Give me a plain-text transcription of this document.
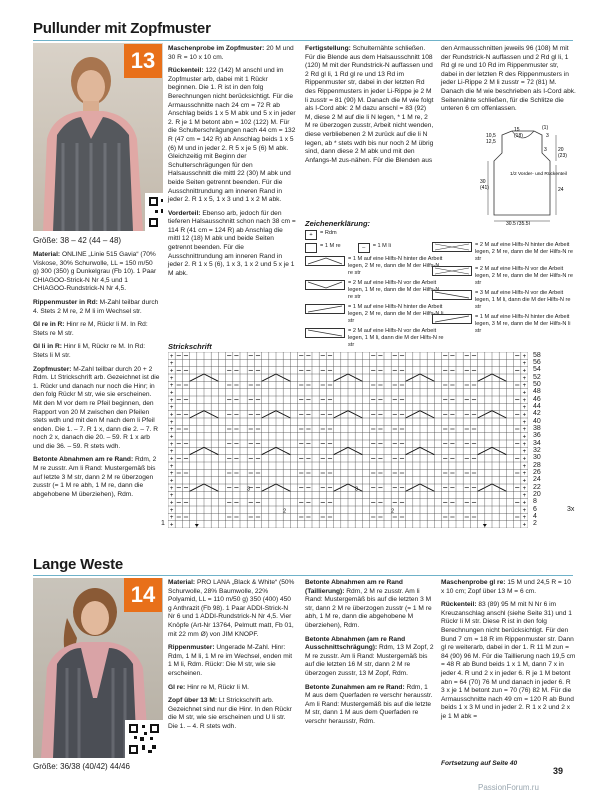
Pullunder mit Zopfmuster
13
Größe: 38 – 42 (44 – 48)

Material: ONLINE „Linie 515 Gavia“ (70% Viskose, 30% Schurwolle, LL = 150 m/50 g) 300 (350) g Dunkelgrau (Fb 10). 1 Paar CHIAGOO-Strick-N Nr 4,5 und 1 CHIAGOO-Rundstrick-N Nr 4,5.

Rippenmuster in Rd: M-Zahl teilbar durch 4. Stets 2 M re, 2 M li im Wechsel str.

Gl re in R: Hinr re M, Rückr li M. In Rd: Stets re M str.

Gl li in R: Hinr li M, Rückr re M. In Rd: Stets li M str.

Zopfmuster: M-Zahl teilbar durch 20 + 2 Rdm. Lt Strickschrift arb. Gezeichnet ist die 1. Rückr und danach nur noch die Hinr; in den folg Rückr M str, wie sie erscheinen. Mit den M vor dem re Pfeil beginnen, den Rapport von 20 M zwischen den Pfeilen stets wdh und mit den M nach dem li Pfeil enden. Die 1. – 7. R 1 x, dann die 2. – 7. R noch 2 x, danach die 20. – 59. R 1 x arb und die 36. – 59. R stets wdh.

Betonte Abnahmen am re Rand: Rdm, 2 M re zusstr. Am li Rand: Mustergemäß bis auf letzte 3 M str, dann 2 M re überzogen zusstr (= 1 M re abh, 1 M re, dann die abgehobene M überziehen), Rdm.

Maschenprobe im Zopfmuster: 20 M und 30 R = 10 x 10 cm.

Rückenteil: 122 (142) M anschl und im Zopfmuster arb, dabei mit 1 Rückr beginnen. Die 1. R ist in den folg Berechnungen nicht berücksichtigt. Für die Armausschnitte nach 24 cm = 72 R ab Anschlag beids 1 x 5 M abk und 5 x in jeder 2. R je 1 M betont abn = 102 (122) M. Für die Schulterschrägungen nach 44 cm = 132 R (47 cm = 142 R) ab Anschlag beids 1 x 5 (6) M und in jeder 2. R 5 x je 5 (6) M abk. Gleichzeitig mit Beginn der Schulterschrägungen für den Halsausschnitt die mittl 22 (30) M abk und beide Seiten getrennt beenden. Für die Ausschnittrundung am inneren Rand in jeder 2. R 1 x 5, 1 x 3 und 1 x 2 M abk.

Vorderteil: Ebenso arb, jedoch für den tieferen Halsausschnitt schon nach 38 cm = 114 R (41 cm = 124 R) ab Anschlag die mittl 12 (18) M abk und beide Seiten getrennt beenden. Für die Ausschnittrundung am inneren Rand in jeder 2. R 1 x 5 (6), 1 x 3, 1 x 2 und 5 x je 1 M abk.

Fertigstellung: Schulternähte schließen. Für die Blende aus dem Halsausschnitt 108 (120) M mit der Rundstrick-N auffassen und 2 Rd gl li, 1 Rd gl re und 13 Rd im Rippenmuster str, dabei in der letzten Rd des Rippenmusters in jeder Li-Rippe je 2 M li zusstr = 81 (90) M. Danach die M wie folgt als I-Cord abk: 2 M dazu anschl = 83 (92) M, diese 2 M auf die li N legen, * 1 M re, 2 M re überzogen zusstr, Arbeit nicht wenden, diese verbliebenen 2 M zurück auf die li N legen, ab * stets wdh bis nur noch 2 M übrig sind, dann diese 2 M abk und mit den Anfangs-M zus-nähen. Für die Blenden aus

den Armausschnitten jeweils 96 (108) M mit der Rundstrick-N auffassen und 2 Rd gl li, 1 Rd gl re und 10 Rd im Rippenmuster str, dabei in der letzten R des Rippenmusters in jeder Li-Rippe 2 M li zusstr = 72 (81) M. Danach die M wie beschrieben als I-Cord abk. Seitennähte schließen, für die Schlitze die unteren 6 cm offenlassen.

10,5
12,5
15
(18)
(1)
3
20
(23)
1/2 Vorder- und Rückenteil
24
30
(41)
30,5 (35,5)
3
Zeichenerklärung:
+	= Rdm
= 1 M re	–	= 1 M li
= 1 M auf eine Hilfs-N hinter die Arbeit legen, 2 M re, dann die M der Hilfs-N re str
= 2 M auf eine Hilfs-N vor die Arbeit legen, 1 M re, dann die M der Hilfs-N re str
= 1 M auf eine Hilfs-N hinter die Arbeit legen, 2 M re, dann die M der Hilfs-N li str
= 2 M auf eine Hilfs-N vor die Arbeit legen, 1 M li, dann die M der Hilfs-N re str
= 2 M auf eine Hilfs-N hinter die Arbeit legen, 2 M re, dann die M der Hilfs-N re str
= 2 M auf eine Hilfs-N vor die Arbeit legen, 2 M re, dann die M der Hilfs-N re str
= 3 M auf eine Hilfs-N vor die Arbeit legen, 1 M li, dann die M der Hilfs-N re str
= 1 M auf eine Hilfs-N hinter die Arbeit legen, 3 M re, dann die M der Hilfs-N li str
Strickschrift
+	+
+	+
+	+
+	+
+	+
+	+
+	+
+	+
+	+
+	+
+	+
+	+
+	+
+	+
+	+
+	+
+	+
+	+
+	+
+	+
+	+
+	+
+	+
+	+
3
2
3
2
58
56
54
52
50
48
46
44
42
40
38
36
34
32
30
28
26
24
22
20
8
6
4
2
1
3x
Lange Weste
14
Größe: 36/38 (40/42) 44/46

Material: PRO LANA „Black & White“ (50% Schurwolle, 28% Baumwolle, 22% Polyamid, LL = 110 m/50 g) 350 (400) 450 g Anthrazit (Fb 98). 1 Paar ADDI-Strick-N Nr 6 und 1 ADDI-Rundstrick-N Nr 4,5. Vier Knöpfe (Art-Nr 13764, Pelmutt matt, Fb 01, mit 22 mm Ø) von JIM KNOPF.

Rippenmuster: Ungerade M-Zahl. Hinr: Rdm, 1 M li, 1 M re im Wechsel, enden mit 1 M li, Rdm. Rückr: Die M str, wie sie erscheinen.

Gl re: Hinr re M, Rückr li M.

Zopf über 13 M: Lt Strickschrift arb. Gezeichnet sind nur die Hinr. In den Rückr die M str, wie sie erscheinen und U li str. Die 1. – 4. R stets wdh.

Betonte Abnahmen am re Rand (Taillierung): Rdm, 2 M re zusstr. Am li Rand: Mustergemäß bis auf die letzten 3 M str, dann 2 M re überzogen zusstr (= 1 M re abh, 1 M re, dann die abgehobene M überziehen), Rdm.

Betonte Abnahmen (am re Rand Ausschnittschrägung): Rdm, 13 M Zopf, 2 M re zusstr. Am li Rand: Mustergemäß bis auf die letzten 16 M str, dann 2 M re überzogen zusstr, 13 M Zopf, Rdm.

Betonte Zunahmen am re Rand: Rdm, 1 M aus dem Querfaden re verschr herausstr. Am li Rand: Mustergemäß bis auf die letzte M str, dann 1 M aus dem Querfaden re verschr herausstr, Rdm.

Maschenprobe gl re: 15 M und 24,5 R = 10 x 10 cm; Zopf über 13 M = 6 cm.

Rückenteil: 83 (89) 95 M mit N Nr 6 im Kreuzanschlag anschl (siehe Seite 31) und 1 Rückr li M str. Diese R ist in den folg Berechnungen nicht berücksichtigt. Für den Bund 7 cm = 18 R im Rippenmuster str. Dann gl re weiterarb, dabei in der 1. R 11 M zun = 84 (90) 96 M. Für die Taillierung nach 19,5 cm = 48 R ab Bund beids 1 x 1 M, dann 7 x in jeder 4. R und 2 x in jeder 6. R je 1 M betont abn = 64 (70) 76 M und danach in jeder 6. R 3 x je 1 M betont zun = 70 (76) 82 M. Für die Armausschnitte nach 49 cm = 120 R ab Bund beids 1 x 3 M und in jeder 2. R 1 x 2 und 2 x je 1 M abk =

Fortsetzung auf Seite 40
39
PassionForum.ru
